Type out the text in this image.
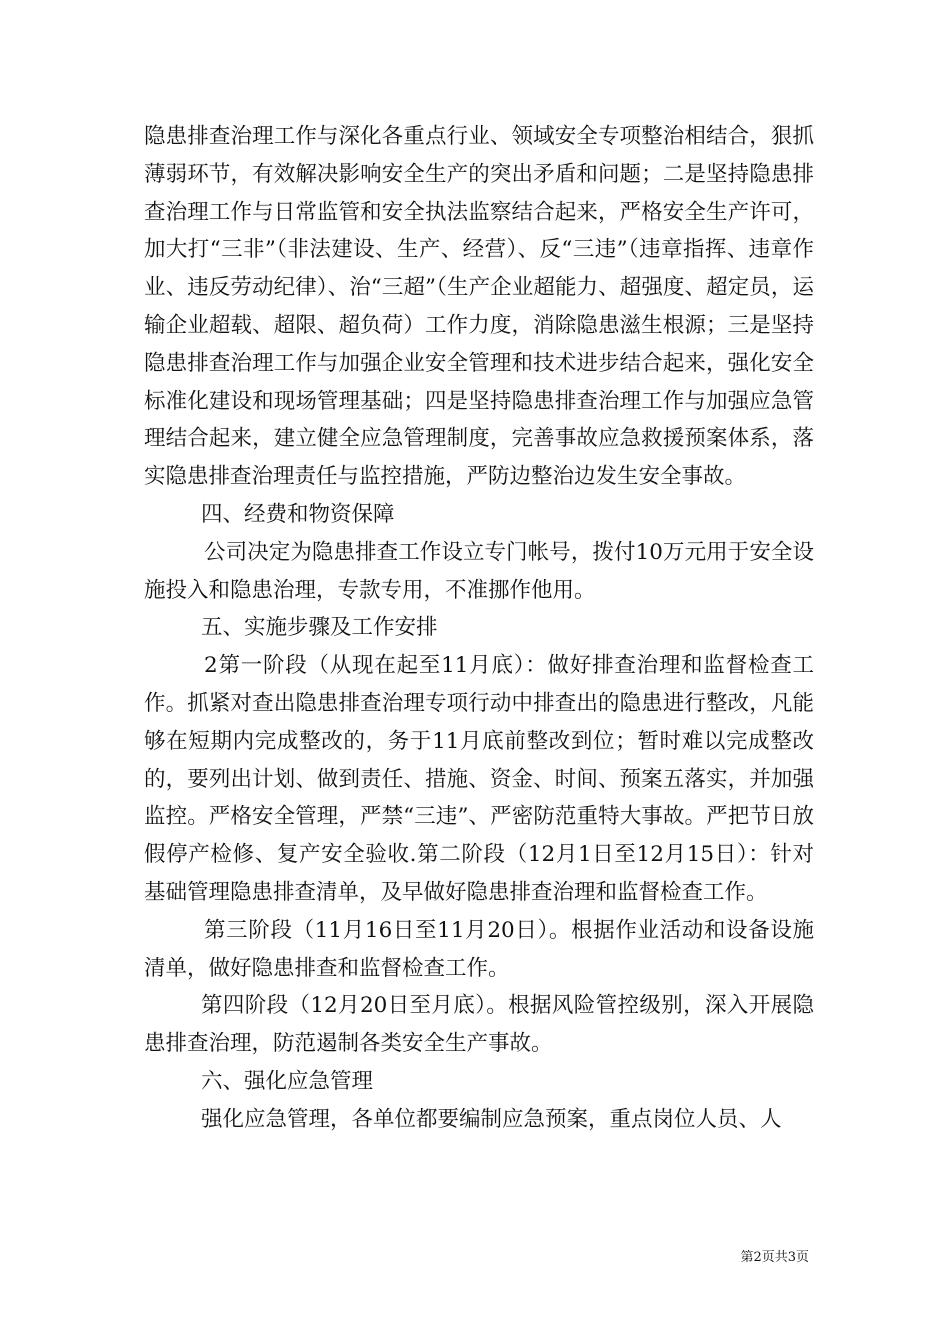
隐患排查治理工作与深化各重点行业、领域安全专项整治相结合，狠抓薄弱环节，有效解决影响安全生产的突出矛盾和问题；二是坚持隐患排查治理工作与日常监管和安全执法监察结合起来，严格安全生产许可，加大打“三非”（非法建设、生产、经营）、反“三违”（违章指挥、违章作业、违反劳动纪律）、治“三超”（生产企业超能力、超强度、超定员，运输企业超载、超限、超负荷）工作力度，消除隐患滋生根源；三是坚持隐患排查治理工作与加强企业安全管理和技术进步结合起来，强化安全标准化建设和现场管理基础；四是坚持隐患排查治理工作与加强应急管理结合起来，建立健全应急管理制度，完善事故应急救援预案体系，落实隐患排查治理责任与监控措施，严防边整治边发生安全事故。

四、经费和物资保障

公司决定为隐患排查工作设立专门帐号，拨付10万元用于安全设施投入和隐患治理，专款专用，不准挪作他用。

五、实施步骤及工作安排

2第一阶段（从现在起至11月底）：做好排查治理和监督检查工作。抓紧对查出隐患排查治理专项行动中排查出的隐患进行整改，凡能够在短期内完成整改的，务于11月底前整改到位；暂时难以完成整改的，要列出计划、做到责任、措施、资金、时间、预案五落实，并加强监控。严格安全管理，严禁“三违”、严密防范重特大事故。严把节日放假停产检修、复产安全验收.第二阶段（12月1日至12月15日）：针对基础管理隐患排查清单，及早做好隐患排查治理和监督检查工作。

第三阶段（11月16日至11月20日）。根据作业活动和设备设施清单，做好隐患排查和监督检查工作。

第四阶段（12月20日至月底）。根据风险管控级别，深入开展隐患排查治理，防范遏制各类安全生产事故。

六、强化应急管理

强化应急管理，各单位都要编制应急预案，重点岗位人员、人

第2页共3页
